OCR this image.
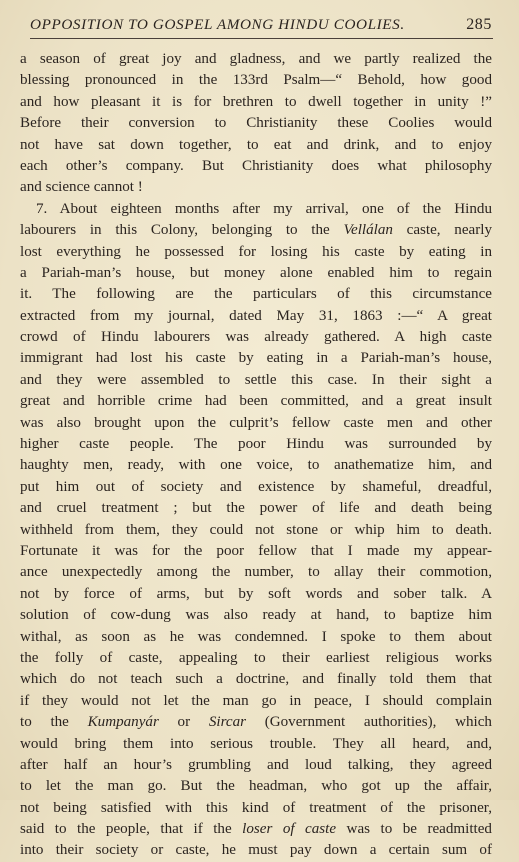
OPPOSITION TO GOSPEL AMONG HINDU COOLIES.	285
a season of great joy and gladness, and we partly realized the
blessing pronounced in the 133rd Psalm—“ Behold, how good
and how pleasant it is for brethren to dwell together in unity !”
Before their conversion to Christianity these Coolies would
not have sat down together, to eat and drink, and to enjoy
each other’s company. But Christianity does what philosophy
and science cannot !
7. About eighteen months after my arrival, one of the Hindu
labourers in this Colony, belonging to the Vellálan caste, nearly
lost everything he possessed for losing his caste by eating in
a Pariah-man’s house, but money alone enabled him to regain
it. The following are the particulars of this circumstance
extracted from my journal, dated May 31, 1863 :—“ A great
crowd of Hindu labourers was already gathered. A high caste
immigrant had lost his caste by eating in a Pariah-man’s house,
and they were assembled to settle this case. In their sight a
great and horrible crime had been committed, and a great insult
was also brought upon the culprit’s fellow caste men and other
higher caste people. The poor Hindu was surrounded by
haughty men, ready, with one voice, to anathematize him, and
put him out of society and existence by shameful, dreadful,
and cruel treatment ; but the power of life and death being
withheld from them, they could not stone or whip him to death.
Fortunate it was for the poor fellow that I made my appear-
ance unexpectedly among the number, to allay their commotion,
not by force of arms, but by soft words and sober talk. A
solution of cow-dung was also ready at hand, to baptize him
withal, as soon as he was condemned. I spoke to them about
the folly of caste, appealing to their earliest religious works
which do not teach such a doctrine, and finally told them that
if they would not let the man go in peace, I should complain
to the Kumpanyár or Sircar (Government authorities), which
would bring them into serious trouble. They all heard, and,
after half an hour’s grumbling and loud talking, they agreed
to let the man go. But the headman, who got up the affair,
not being satisfied with this kind of treatment of the prisoner,
said to the people, that if the loser of caste was to be readmitted
into their society or caste, he must pay down a certain sum of
